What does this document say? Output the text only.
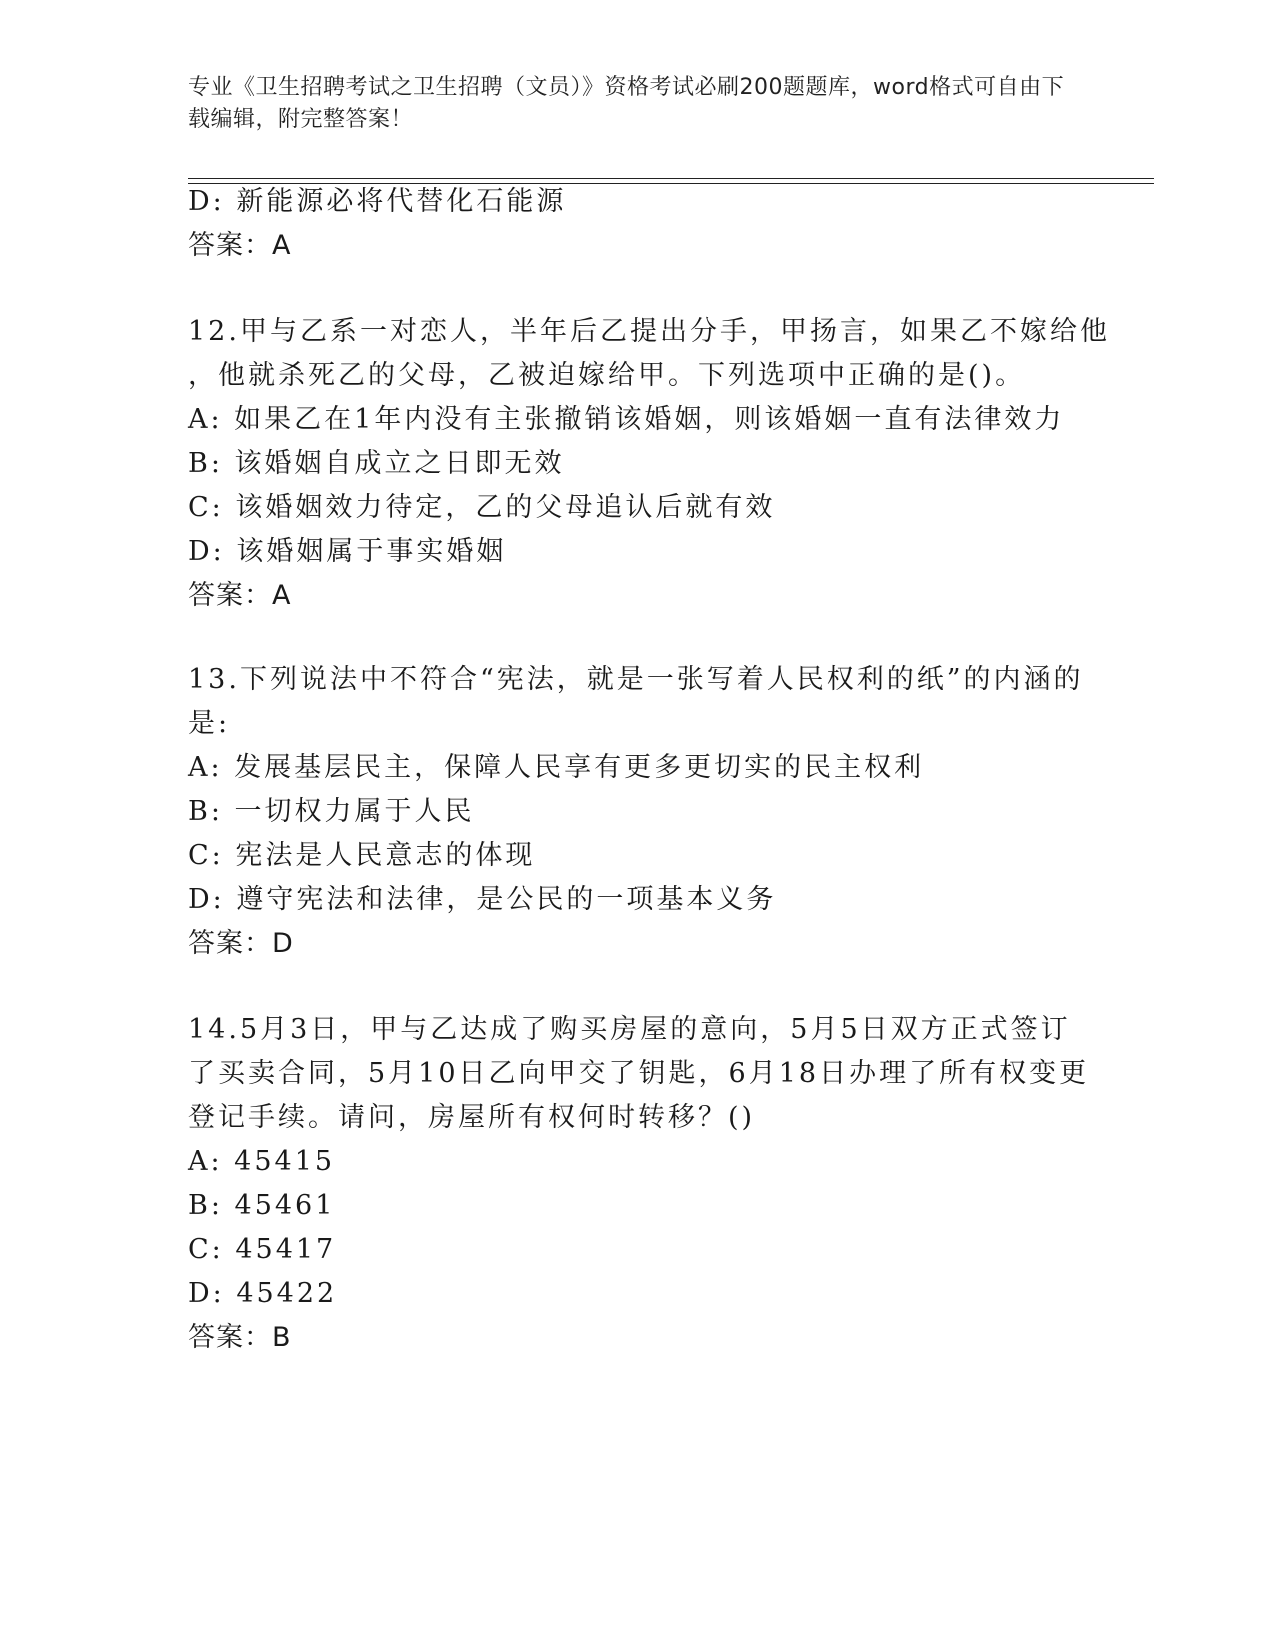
专业《卫生招聘考试之卫生招聘（文员）》资格考试必刷200题题库，word格式可自由下载编辑，附完整答案！
D: 新能源必将代替化石能源
答案：A
12.甲与乙系一对恋人，半年后乙提出分手，甲扬言，如果乙不嫁给他
，他就杀死乙的父母，乙被迫嫁给甲。下列选项中正确的是()。
A: 如果乙在1年内没有主张撤销该婚姻，则该婚姻一直有法律效力
B: 该婚姻自成立之日即无效
C: 该婚姻效力待定，乙的父母追认后就有效
D: 该婚姻属于事实婚姻
答案：A
13.下列说法中不符合“宪法，就是一张写着人民权利的纸”的内涵的
是:
A: 发展基层民主，保障人民享有更多更切实的民主权利
B: 一切权力属于人民
C: 宪法是人民意志的体现
D: 遵守宪法和法律，是公民的一项基本义务
答案：D
14.5月3日，甲与乙达成了购买房屋的意向，5月5日双方正式签订
了买卖合同，5月10日乙向甲交了钥匙，6月18日办理了所有权变更
登记手续。请问，房屋所有权何时转移？()
A: 45415
B: 45461
C: 45417
D: 45422
答案：B
